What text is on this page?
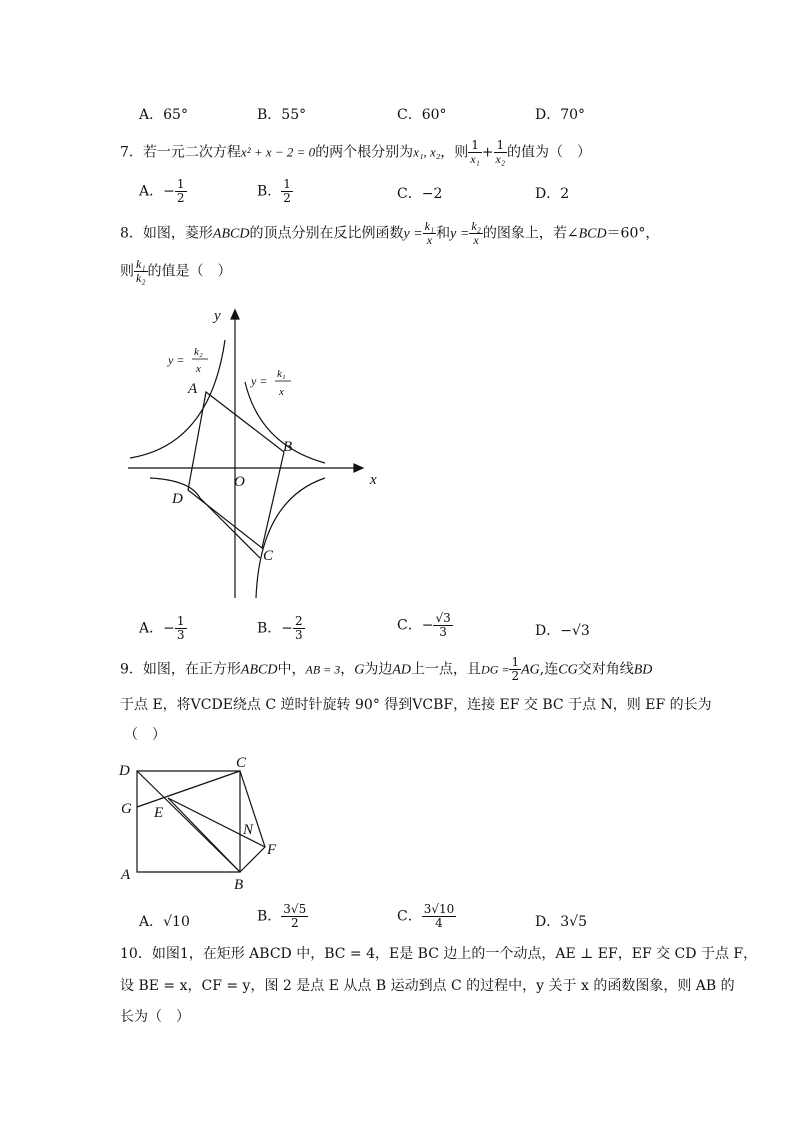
A．65°	B．55°	C．60°	D．70°
7．若一元二次方程x² + x − 2 = 0的两个根分别为x₁, x₂，则 $\frac{1}{\text{x₁}} + \frac{1}{\text{x₂}}$ 的值为（　）
A．− $\frac{1}{2}$	B． $\frac{1}{2}$	C．−2	D．2
8．如图，菱形ABCD的顶点分别在反比例函数$y = \frac{\text{k₁}}{x}$ 和$y = \frac{\text{k₂}}{x}$ 的图象上，若∠BCD＝60°，
则 $\frac{\text{k₁}}{\text{k₂}}$ 的值是（　）
x
y
O
A
B
C
D
y =
k₂
x
y = k₁
x
A．− $\frac{1}{3}$	B．− $\frac{2}{3}$	C．− $\frac{√3}{3}$	D．−√3
9．如图，在正方形ABCD中，AB = 3，G为边AD上一点，且DG = $\frac{1}{2}$ AG,连CG交对角线BD
于点 E，将VCDE绕点 C 逆时针旋转 90° 得到VCBF，连接 EF 交 BC 于点 N，则 EF 的长为
（　）
D	C
G E
N
F
A
B
A．√10	B． $\frac{3√5}{2}$	C． $\frac{3√10}{4}$	D．3√5
10．如图1，在矩形 ABCD 中，BC = 4，E是 BC 边上的一个动点，AE ⊥ EF，EF 交 CD 于点 F，
设 BE = x，CF = y，图 2 是点 E 从点 B 运动到点 C 的过程中，y 关于 x 的函数图象，则 AB 的
长为（　）
